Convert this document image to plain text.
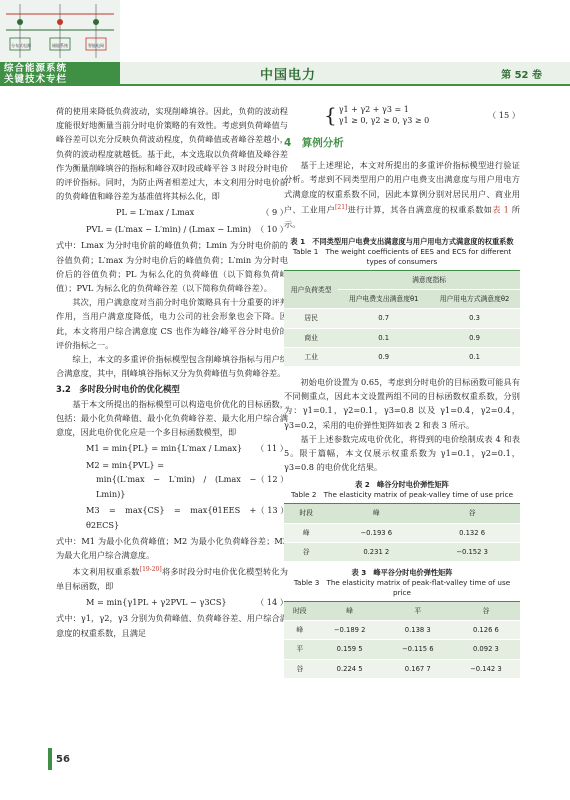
分布式电源	储能系统	智能电网
综合能源系统
关键技术专栏	中国电力	第 52 卷

荷的使用来降低负荷波动，实现削峰填谷。因此，负荷的波动程度能很好地衡量当前分时电价策略的有效性。考虑到负荷峰值与峰谷差可以充分反映负荷波动程度，负荷峰值或者峰谷差越小，负荷的波动程度就越低。基于此，本文选取以负荷峰值及峰谷差作为衡量削峰填谷的指标和峰谷双时段或峰平谷 3 时段分时电价的评价指标。同时，为防止两者相差过大，本文利用分时电价前的负荷峰值和峰谷差为基准值将其标么化，即

PL = L′max / Lmax	（ 9 ）
PVL = (L′max − L′min) / (Lmax − Lmin) （ 10 ）

式中：Lmax 为分时电价前的峰值负荷；Lmin 为分时电价前的谷值负荷；L′max 为分时电价后的峰值负荷；L′min 为分时电价后的谷值负荷；PL 为标么化的负荷峰值（以下简称负荷峰值）；PVL 为标么化的负荷峰谷差（以下简称负荷峰谷差）。

其次，用户满意度对当前分时电价策略具有十分重要的评判作用，当用户满意度降低，电力公司的社会形象也会下降。因此，本文将用户综合满意度 CS 也作为峰谷/峰平谷分时电价的评价指标之一。

综上，本文的多重评价指标模型包含削峰填谷指标与用户综合满意度，其中，削峰填谷指标又分为负荷峰值与负荷峰谷差。

3.2　多时段分时电价的优化模型

基于本文所提出的指标模型可以构造电价优化的目标函数，包括：最小化负荷峰值、最小化负荷峰谷差、最大化用户综合满意度，因此电价优化应是一个多目标函数模型，即

M1 = min{PL} = min{L′max / Lmax} （ 11 ）
M2 = min{PVL} =
min{(L′max − L′min) / (Lmax − Lmin)}
（ 12 ）
M3 = max{CS} = max{θ1EES + θ2ECS}
（ 13 ）

式中：M1 为最小化负荷峰值；M2 为最小化负荷峰谷差；M3 为最大化用户综合满意度。

本文利用权重系数[19-20]将多时段分时电价优化模型转化为单目标函数，即

M = min{γ1PL + γ2PVL − γ3CS}	（ 14 ）

式中：γ1，γ2，γ3 分别为负荷峰值、负荷峰谷差、用户综合满意度的权重系数，且满足

{ γ1 + γ2 + γ3 = 1
γ1 ≥ 0, γ2 ≥ 0, γ3 ≥ 0
（ 15 ）
4　算例分析

基于上述理论，本文对所提出的多重评价指标模型进行验证分析。考虑到不同类型用户的用户电费支出满意度与用户用电方式满意度的权重系数不同，因此本算例分别对居民用户、商业用户、工业用户[21]进行计算，其各自满意度的权重系数如表 1 所示。

表 1　不同类型用户电费支出满意度与用户用电方式满意度的权重系数
Table 1　The weight coefficients of EES and ECS for different types of consumers
用户负荷类型	满意度指标	
	用户电费支出满意度θ1	用户用电方式满意度θ2
居民	0.7	0.3
商业	0.1	0.9
工业	0.9	0.1

初始电价设置为 0.65，考虑到分时电价的目标函数可能具有不同侧重点，因此本文设置两组不同的目标函数权重系数，分别为：γ1=0.1，γ2=0.1，γ3=0.8 以及 γ1=0.4，γ2=0.4，γ3=0.2，采用的电价弹性矩阵如表 2 和表 3 所示。

基于上述参数完成电价优化，将得到的电价绘制成表 4 和表 5。限于篇幅，本文仅展示权重系数为 γ1=0.1，γ2=0.1，γ3=0.8 的电价优化结果。

表 2　峰谷分时电价弹性矩阵
Table 2　The elasticity matrix of peak-valley time of use price
时段	峰	谷
峰	−0.193 6	0.132 6
谷	0.231 2	−0.152 3
表 3　峰平谷分时电价弹性矩阵
Table 3　The elasticity matrix of peak-flat-valley time of use price
时段	峰	平	谷
峰	−0.189 2	0.138 3	0.126 6
平	0.159 5	−0.115 6	0.092 3
谷	0.224 5	0.167 7	−0.142 3
56
